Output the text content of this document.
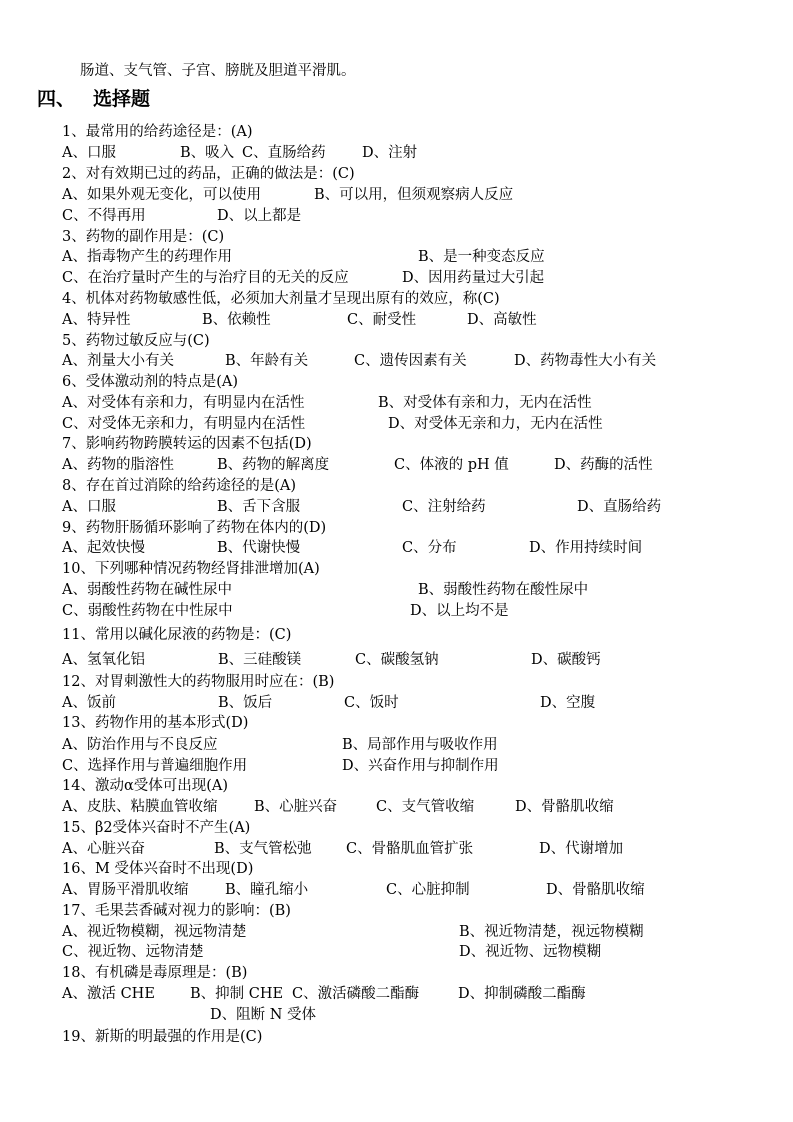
肠道、支气管、子宫、膀胱及胆道平滑肌。
四、 选择题
1、最常用的给药途径是：(A)
A、口服	B、吸入 C、直肠给药	D、注射
2、对有效期已过的药品，正确的做法是：(C)
A、如果外观无变化，可以使用	B、可以用，但须观察病人反应
C、不得再用	D、以上都是
3、药物的副作用是：(C)
A、指毒物产生的药理作用	B、是一种变态反应
C、在治疗量时产生的与治疗目的无关的反应	D、因用药量过大引起
4、机体对药物敏感性低，必须加大剂量才呈现出原有的效应，称(C)
A、特异性	B、依赖性	C、耐受性	D、高敏性
5、药物过敏反应与(C)
A、剂量大小有关	B、年龄有关	C、遗传因素有关	D、药物毒性大小有关
6、受体激动剂的特点是(A)
A、对受体有亲和力，有明显内在活性	B、对受体有亲和力，无内在活性
C、对受体无亲和力，有明显内在活性	D、对受体无亲和力，无内在活性
7、影响药物跨膜转运的因素不包括(D)
A、药物的脂溶性	B、药物的解离度	C、体液的 pH 值	D、药酶的活性
8、存在首过消除的给药途径的是(A)
A、口服	B、舌下含服	C、注射给药	D、直肠给药
9、药物肝肠循环影响了药物在体内的(D)
A、起效快慢	B、代谢快慢	C、分布	D、作用持续时间
10、下列哪种情况药物经肾排泄增加(A)
A、弱酸性药物在碱性尿中	B、弱酸性药物在酸性尿中
C、弱酸性药物在中性尿中	D、以上均不是
11、常用以碱化尿液的药物是：(C)
A、氢氧化铝	B、三硅酸镁	C、碳酸氢钠	D、碳酸钙
12、对胃刺激性大的药物服用时应在：(B)
A、饭前	B、饭后	C、饭时	D、空腹
13、药物作用的基本形式(D)
A、防治作用与不良反应	B、局部作用与吸收作用
C、选择作用与普遍细胞作用	D、兴奋作用与抑制作用
14、激动α受体可出现(A)
A、皮肤、粘膜血管收缩	B、心脏兴奋	C、支气管收缩	D、骨骼肌收缩
15、β2受体兴奋时不产生(A)
A、心脏兴奋	B、支气管松弛 C、骨骼肌血管扩张	D、代谢增加
16、M 受体兴奋时不出现(D)
A、胃肠平滑肌收缩	B、瞳孔缩小	C、心脏抑制	D、骨骼肌收缩
17、毛果芸香碱对视力的影响：(B)
A、视近物模糊，视远物清楚	B、视近物清楚，视远物模糊
C、视近物、远物清楚	D、视近物、远物模糊
18、有机磷是毒原理是：(B)
A、激活 CHE B、抑制 CHE C、激活磷酸二酯酶	D、抑制磷酸二酯酶
D、阻断 N 受体
19、新斯的明最强的作用是(C)
